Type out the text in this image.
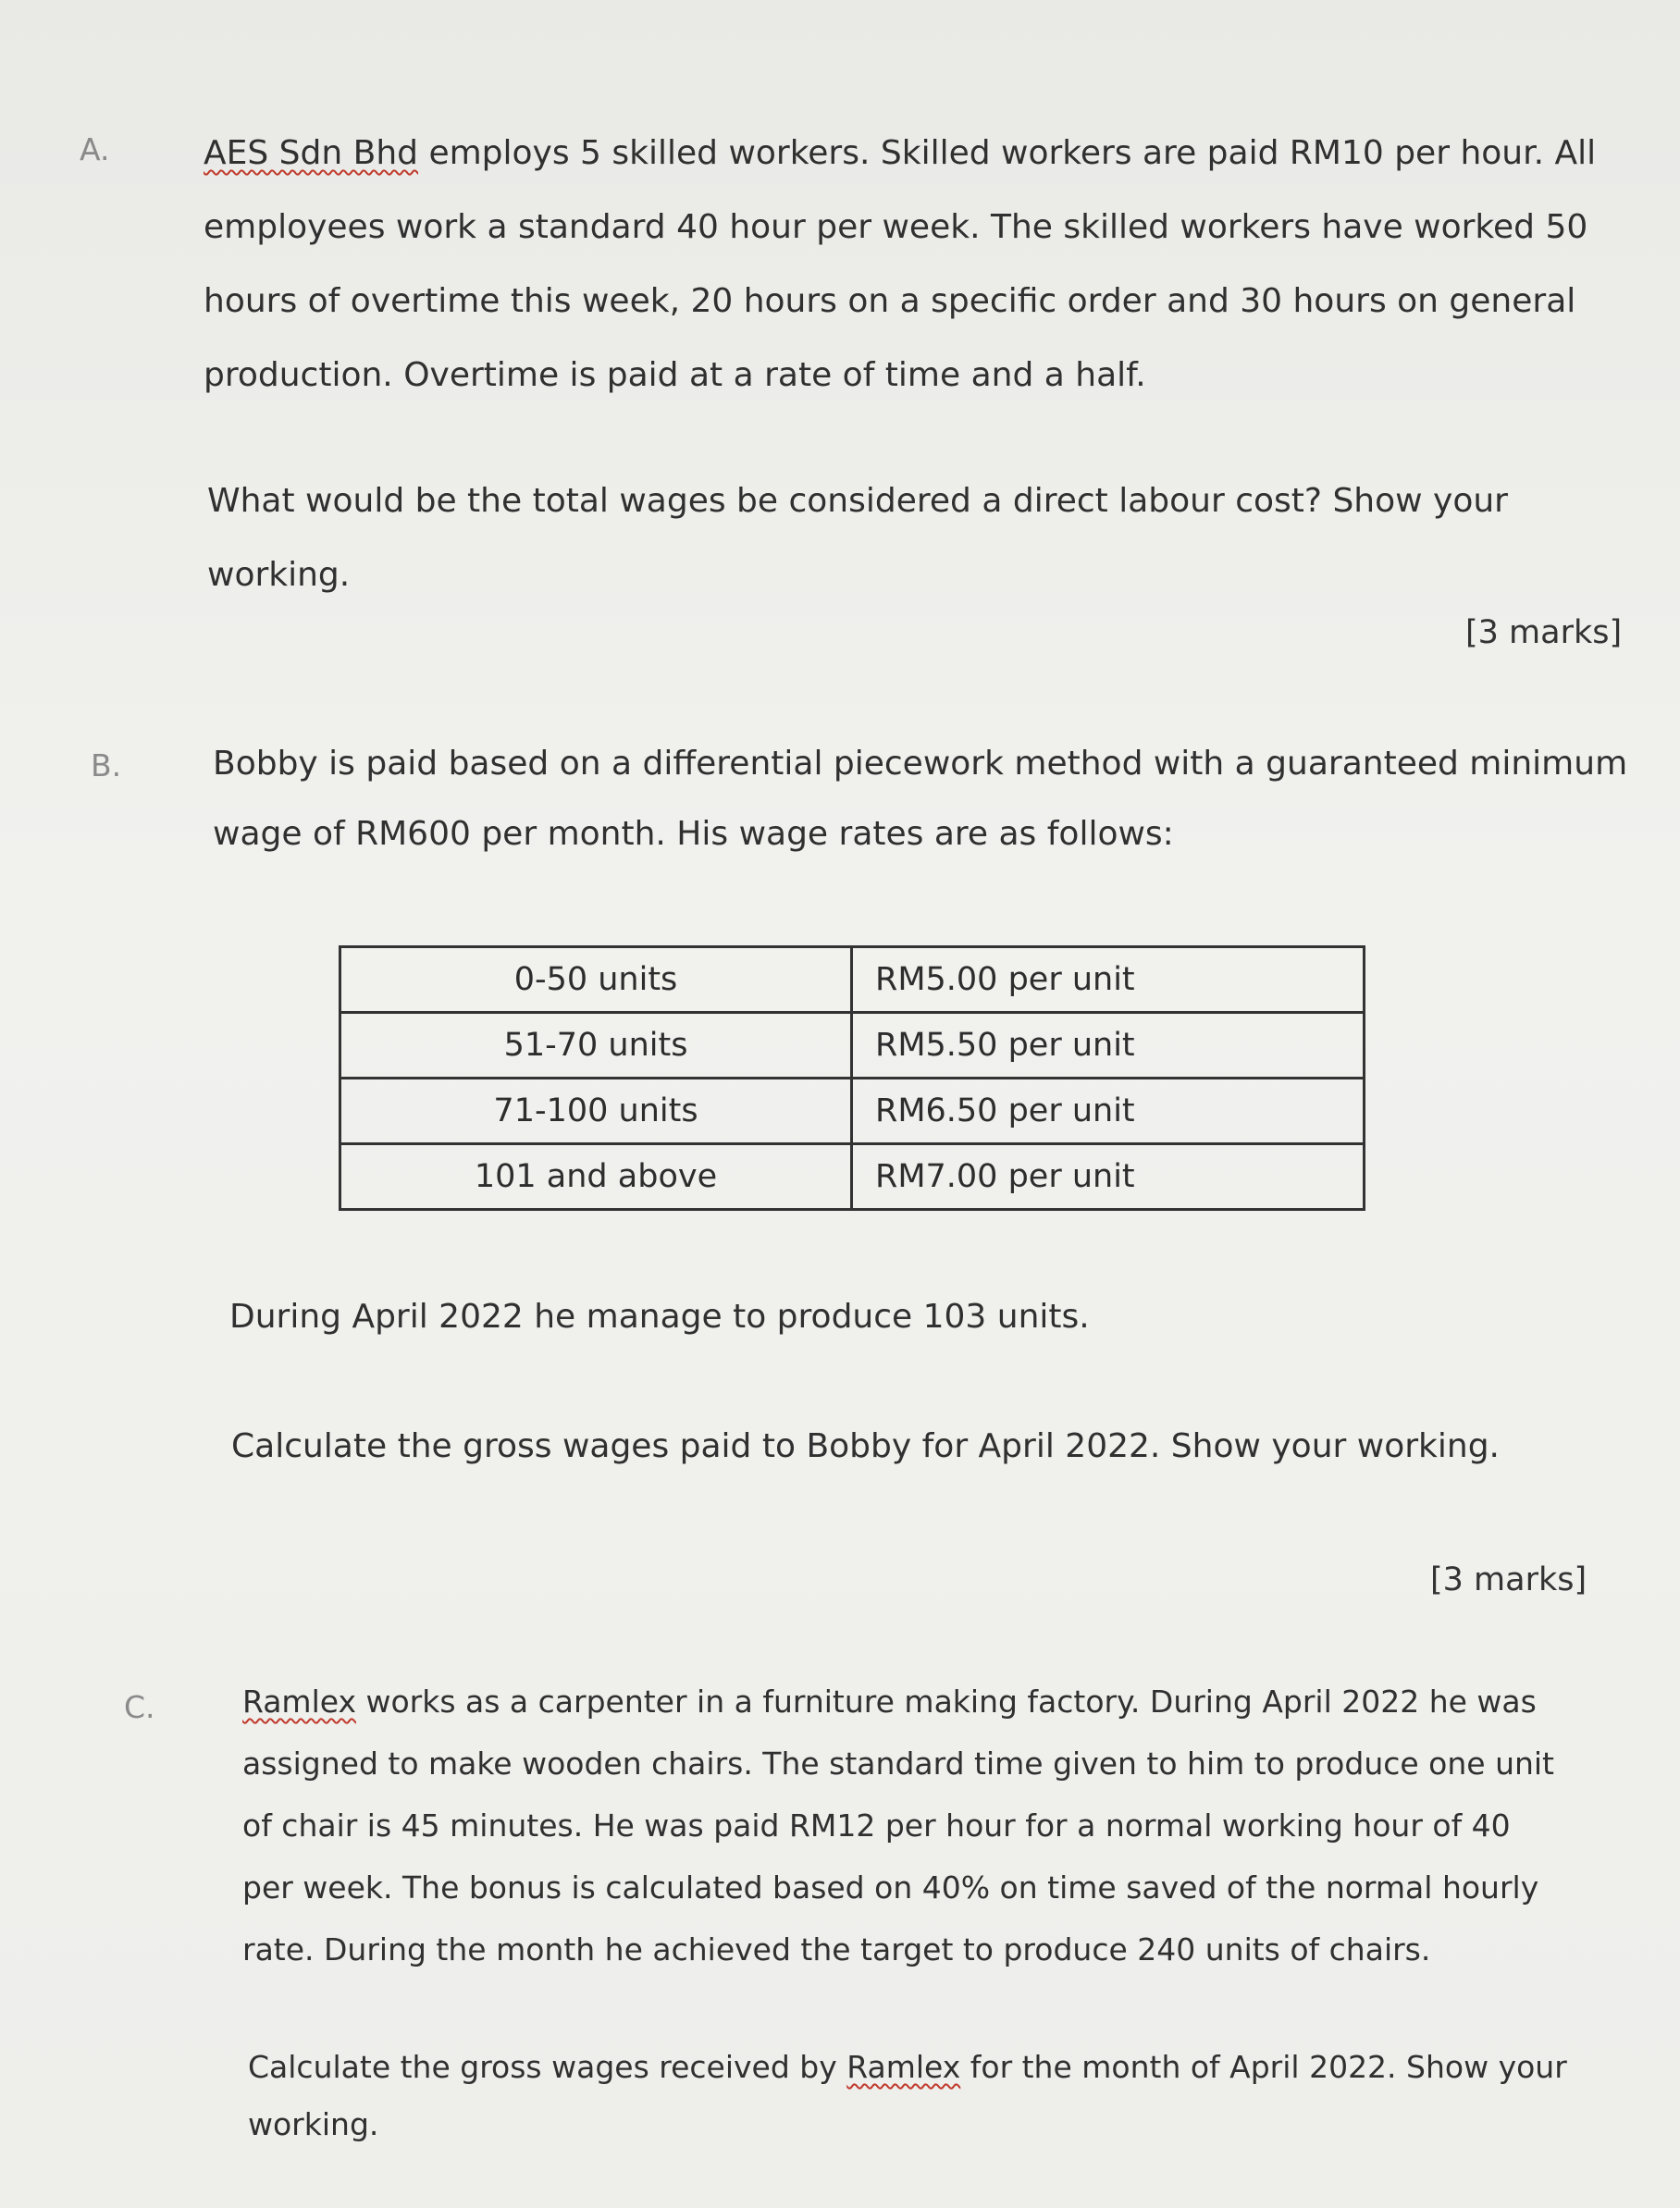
A.	AES Sdn Bhd employs 5 skilled workers. Skilled workers are paid RM10 per hour. All

employees work a standard 40 hour per week. The skilled workers have worked 50

hours of overtime this week, 20 hours on a specific order and 30 hours on general

production. Overtime is paid at a rate of time and a half.

What would be the total wages be considered a direct labour cost? Show your working.
[3 marks]
B.	Bobby is paid based on a differential piecework method with a guaranteed minimum

wage of RM600 per month. His wage rates are as follows:

0-50 units	RM5.00 per unit
51-70 units	RM5.50 per unit
71-100 units	RM6.50 per unit
101 and above	RM7.00 per unit
During April 2022 he manage to produce 103 units.
Calculate the gross wages paid to Bobby for April 2022. Show your working.
[3 marks]
C.	Ramlex works as a carpenter in a furniture making factory. During April 2022 he was

assigned to make wooden chairs. The standard time given to him to produce one unit

of chair is 45 minutes. He was paid RM12 per hour for a normal working hour of 40

per week. The bonus is calculated based on 40% on time saved of the normal hourly

rate. During the month he achieved the target to produce 240 units of chairs.

Calculate the gross wages received by Ramlex for the month of April 2022. Show your

working.
